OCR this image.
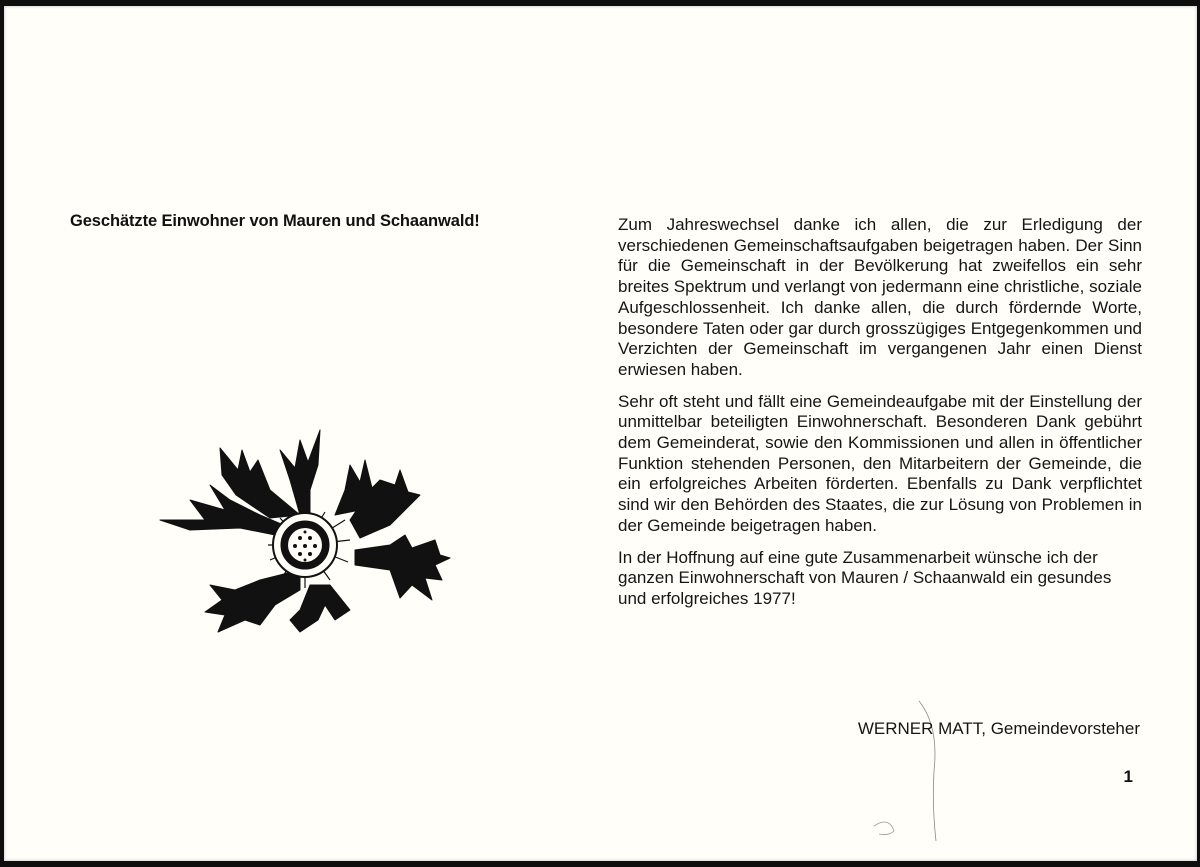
Geschätzte Einwohner von Mauren und Schaanwald!	Zum Jahreswechsel danke ich allen, die zur Erledigung der verschiedenen Gemeinschaftsaufgaben beigetragen haben. Der Sinn für die Gemeinschaft in der Bevölkerung hat zweifellos ein sehr breites Spektrum und verlangt von jedermann eine christliche, soziale Aufgeschlossenheit. Ich danke allen, die durch fördernde Worte, besondere Taten oder gar durch grosszügiges Entgegenkommen und Verzichten der Gemeinschaft im vergangenen Jahr einen Dienst erwiesen haben.

Sehr oft steht und fällt eine Gemeindeaufgabe mit der Einstellung der unmittelbar beteiligten Einwohnerschaft. Besonderen Dank gebührt dem Gemeinderat, sowie den Kommissionen und allen in öffentlicher Funktion stehenden Personen, den Mitarbeitern der Gemeinde, die ein erfolgreiches Arbeiten förderten. Ebenfalls zu Dank verpflichtet sind wir den Behörden des Staates, die zur Lösung von Problemen in der Gemeinde beigetragen haben.

In der Hoffnung auf eine gute Zusammenarbeit wünsche ich der ganzen Einwohnerschaft von Mauren / Schaanwald ein gesundes und erfolgreiches 1977!

WERNER MATT, Gemeindevorsteher
1
